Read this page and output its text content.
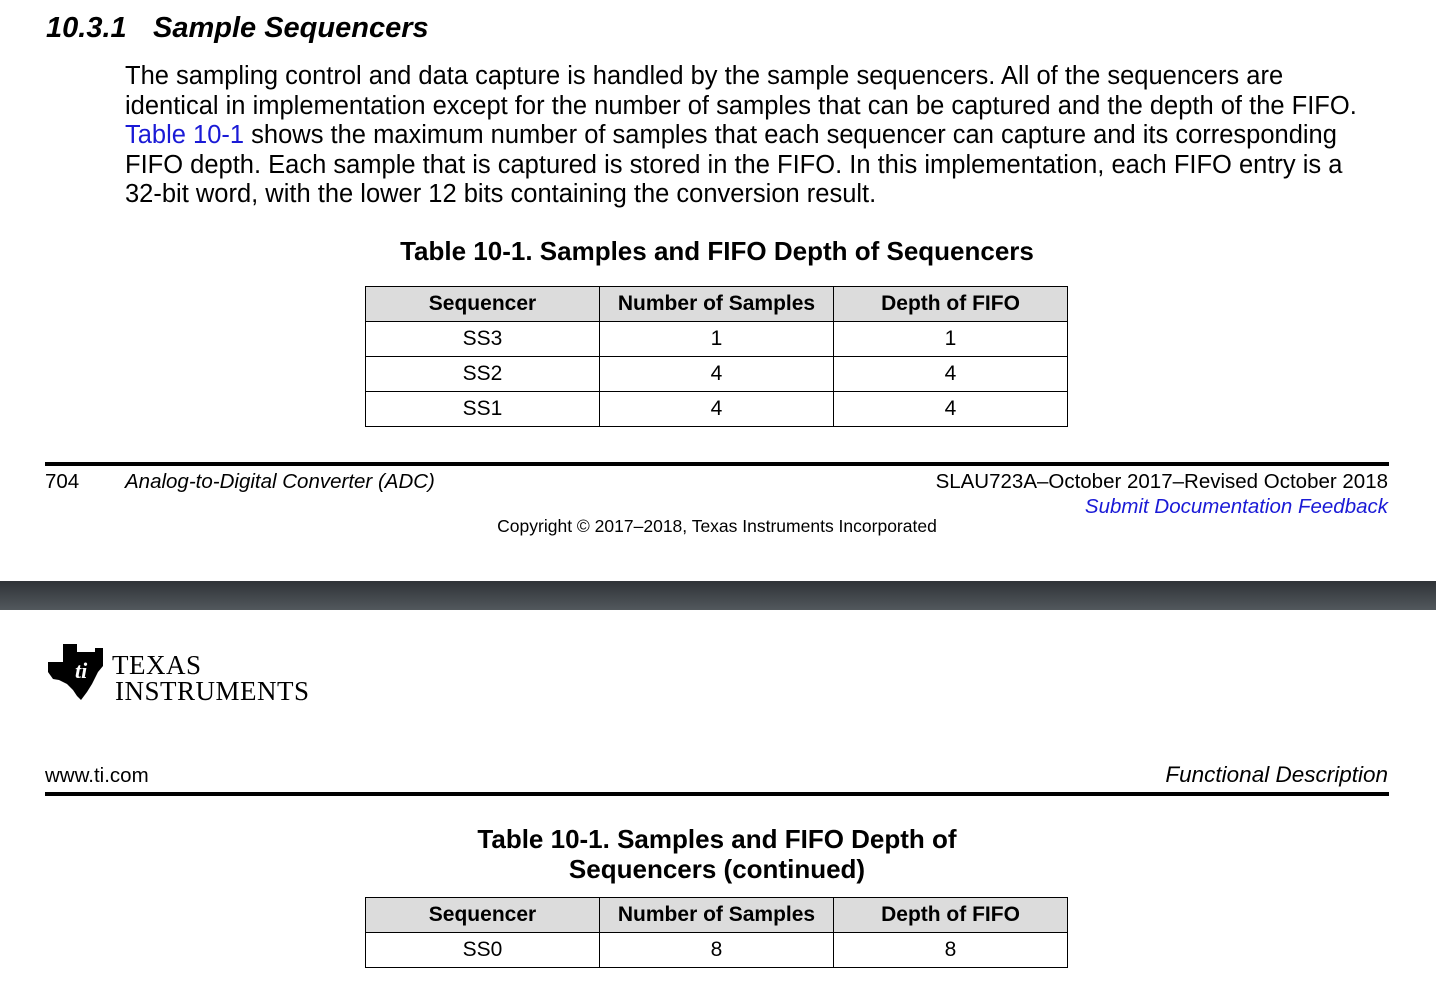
10.3.1 Sample Sequencers
The sampling control and data capture is handled by the sample sequencers. All of the sequencers are identical in implementation except for the number of samples that can be captured and the depth of the FIFO. Table 10-1 shows the maximum number of samples that each sequencer can capture and its corresponding FIFO depth. Each sample that is captured is stored in the FIFO. In this implementation, each FIFO entry is a 32-bit word, with the lower 12 bits containing the conversion result.
Table 10-1. Samples and FIFO Depth of Sequencers
Sequencer	Number of Samples	Depth of FIFO
SS3	1	1
SS2	4	4
SS1	4	4
704 Analog-to-Digital Converter (ADC)	SLAU723A–October 2017–Revised October 2018
Submit Documentation Feedback
Copyright © 2017–2018, Texas Instruments Incorporated
ti TEXAS
INSTRUMENTS
www.ti.com	Functional Description
Table 10-1. Samples and FIFO Depth of
Sequencers (continued)
Sequencer	Number of Samples	Depth of FIFO
SS0	8	8
